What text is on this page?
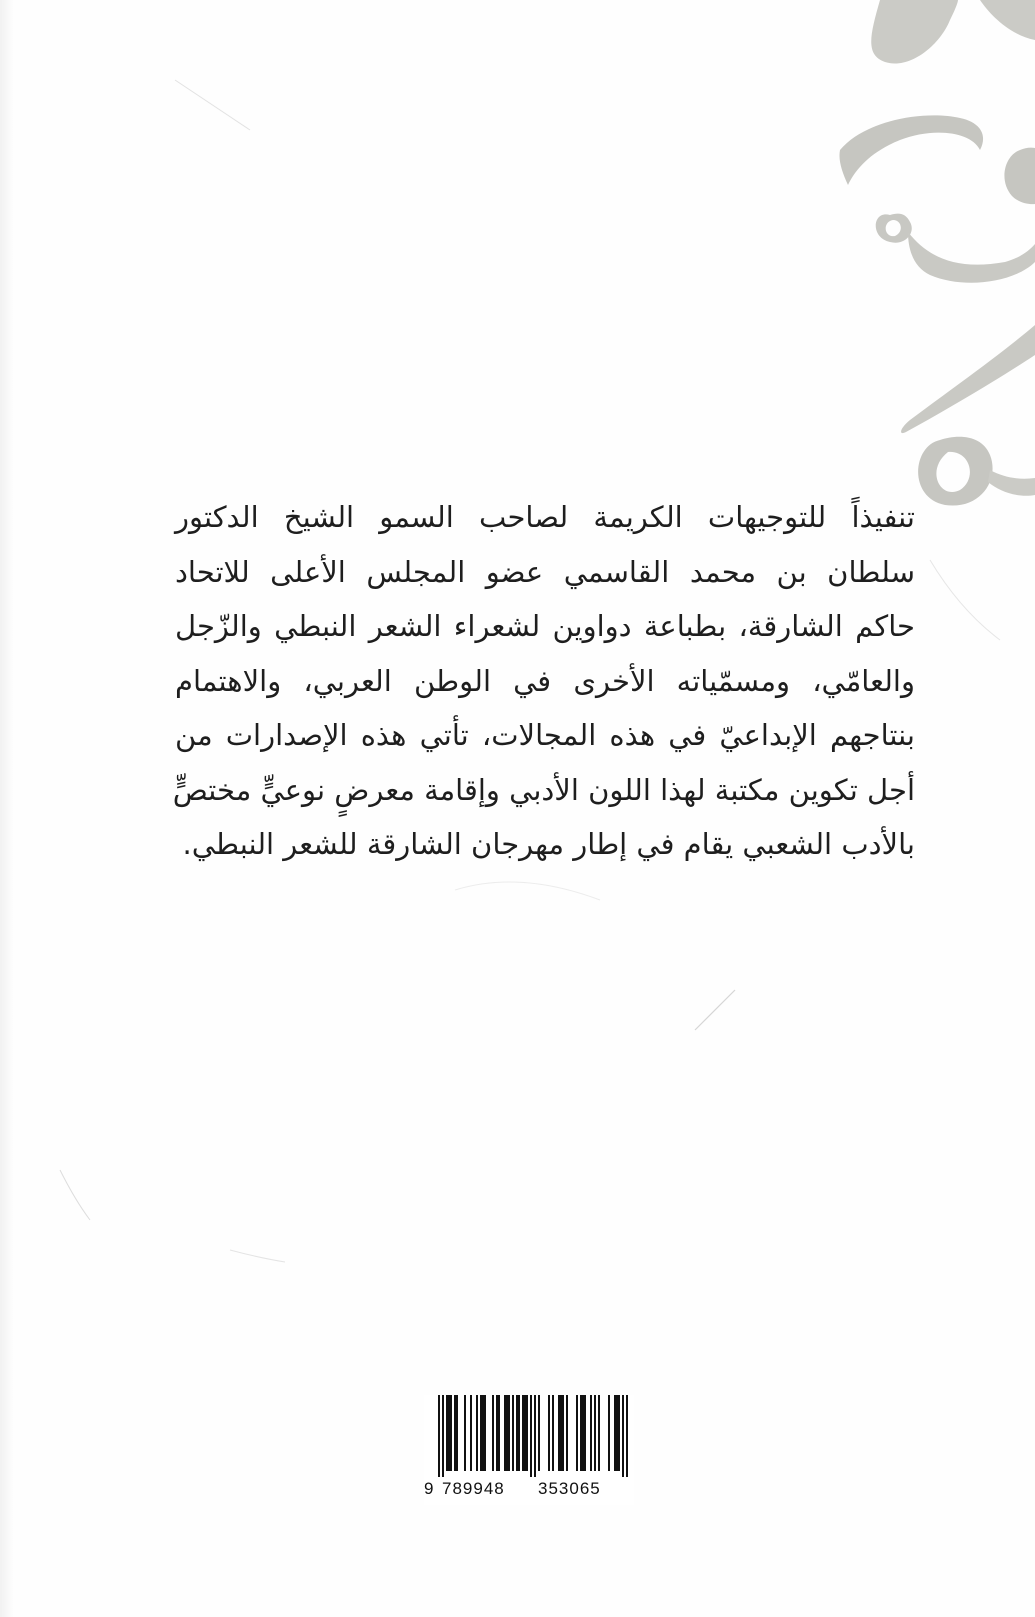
تنفيذاً للتوجيهات الكريمة لصاحب السمو الشيخ الدكتور
سلطان بن محمد القاسمي عضو المجلس الأعلى للاتحاد
حاكم الشارقة، بطباعة دواوين لشعراء الشعر النبطي والزّجل
والعامّي، ومسمّياته الأخرى في الوطن العربي، والاهتمام
بنتاجهم الإبداعيّ في هذه المجالات، تأتي هذه الإصدارات من
أجل تكوين مكتبة لهذا اللون الأدبي وإقامة معرضٍ نوعيٍّ مختصٍّ
بالأدب الشعبي يقام في إطار مهرجان الشارقة للشعر النبطي.
9 789948 353065
